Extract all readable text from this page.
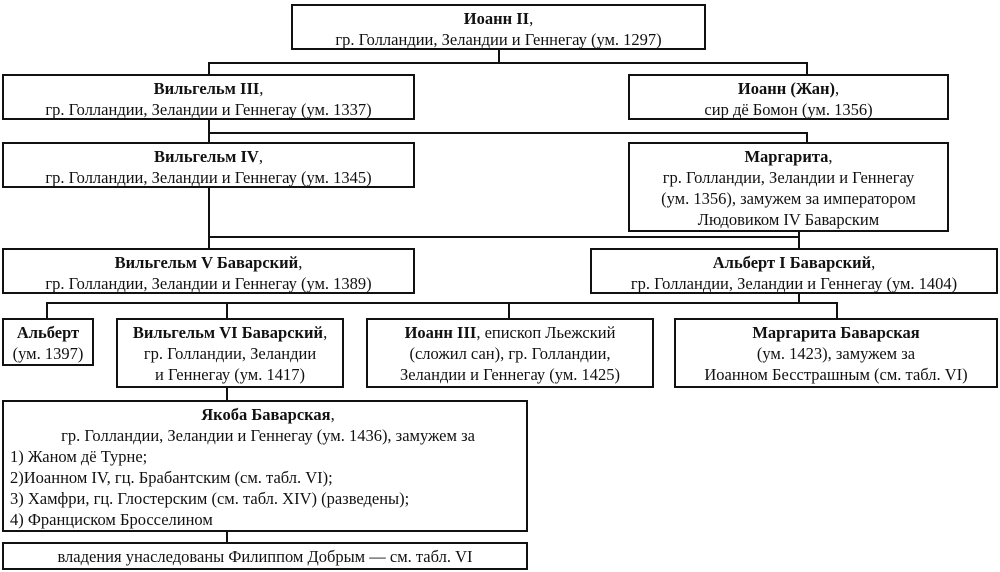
Иоанн II,
гр. Голландии, Зеландии и Геннегау (ум. 1297)
Вильгельм III,
гр. Голландии, Зеландии и Геннегау (ум. 1337)
Иоанн (Жан),
сир дё Бомон (ум. 1356)
Вильгельм IV,
гр. Голландии, Зеландии и Геннегау (ум. 1345)
Маргарита,
гр. Голландии, Зеландии и Геннегау
(ум. 1356), замужем за императором
Людовиком IV Баварским
Вильгельм V Баварский,
гр. Голландии, Зеландии и Геннегау (ум. 1389)
Альберт I Баварский,
гр. Голландии, Зеландии и Геннегау (ум. 1404)
Альберт
(ум. 1397)
Вильгельм VI Баварский,
гр. Голландии, Зеландии
и Геннегау (ум. 1417)
Иоанн III, епископ Льежский
(сложил сан), гр. Голландии,
Зеландии и Геннегау (ум. 1425)
Маргарита Баварская
(ум. 1423), замужем за
Иоанном Бесстрашным (см. табл. VI)
Якоба Баварская,
гр. Голландии, Зеландии и Геннегау (ум. 1436), замужем за
1) Жаном дё Турне;
2)Иоанном IV, гц. Брабантским (см. табл. VI);
3) Хамфри, гц. Глостерским (см. табл. XIV) (разведены);
4) Франциском Бросселином
владения унаследованы Филиппом Добрым — см. табл. VI
